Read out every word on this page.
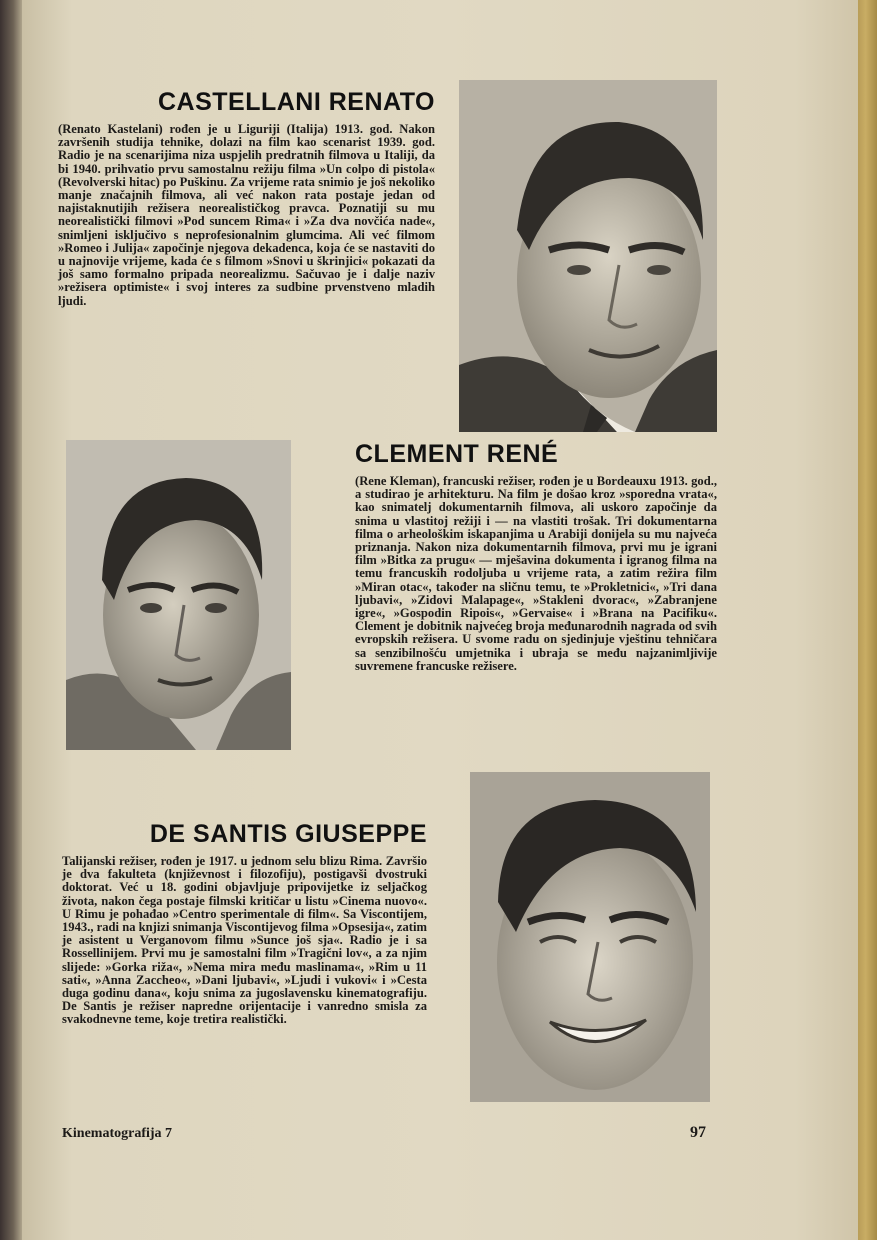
CASTELLANI RENATO

(Renato Kastelani) rođen je u Liguriji (Italija) 1913. god. Nakon završenih studija tehnike, dolazi na film kao scenarist 1939. god. Radio je na scenarijima niza uspjelih predratnih filmova u Italiji, da bi 1940. prihvatio prvu samostalnu režiju filma »Un colpo di pistola« (Revolverski hitac) po Puškinu. Za vrijeme rata snimio je još nekoliko manje značajnih filmova, ali već nakon rata postaje jedan od najistaknutijih režisera neorealističkog pravca. Poznatiji su mu neorealistički filmovi »Pod suncem Rima« i »Za dva novčića nade«, snimljeni isključivo s neprofesionalnim glumcima. Ali već filmom »Romeo i Julija« započinje njegova dekadenca, koja će se nastaviti do u najnovije vrijeme, kada će s filmom »Snovi u škrinjici« pokazati da još samo formalno pripada neorealizmu. Sačuvao je i dalje naziv »režisera optimiste« i svoj interes za sudbine prvenstveno mladih ljudi.

CLEMENT RENÉ

(Rene Kleman), francuski režiser, rođen je u Bordeauxu 1913. god., a studirao je arhitekturu. Na film je došao kroz »sporedna vrata«, kao snimatelj dokumentarnih filmova, ali uskoro započinje da snima u vlastitoj režiji i — na vlastiti trošak. Tri dokumentarna filma o arheološkim iskapanjima u Arabiji donijela su mu najveća priznanja. Nakon niza dokumentarnih filmova, prvi mu je igrani film »Bitka za prugu« — mješavina dokumenta i igranog filma na temu francuskih rodoljuba u vrijeme rata, a zatim režira film »Miran otac«, također na sličnu temu, te »Prokletnici«, »Tri dana ljubavi«, »Zidovi Malapage«, »Stakleni dvorac«, »Zabranjene igre«, »Gospodin Ripois«, »Gervaise« i »Brana na Pacifiku«. Clement je dobitnik najvećeg broja međunarodnih nagrada od svih evropskih režisera. U svome radu on sjedinjuje vještinu tehničara sa senzibilnošću umjetnika i ubraja se među najzanimljivije suvremene francuske režisere.

DE SANTIS GIUSEPPE

Talijanski režiser, rođen je 1917. u jednom selu blizu Rima. Završio je dva fakulteta (književnost i filozofiju), postigavši dvostruki doktorat. Već u 18. godini objavljuje pripovijetke iz seljačkog života, nakon čega postaje filmski kritičar u listu »Cinema nuovo«. U Rimu je pohađao »Centro sperimentale di film«. Sa Viscontijem, 1943., radi na knjizi snimanja Viscontijevog filma »Opsesija«, zatim je asistent u Verganovom filmu »Sunce još sja«. Radio je i sa Rossellinijem. Prvi mu je samostalni film »Tragični lov«, a za njim slijede: »Gorka riža«, »Nema mira među maslinama«, »Rim u 11 sati«, »Anna Zaccheo«, »Dani ljubavi«, »Ljudi i vukovi« i »Cesta duga godinu dana«, koju snima za jugoslavensku kinematografiju. De Santis je režiser napredne orijentacije i vanredno smisla za svakodnevne teme, koje tretira realistički.

Kinematografija 7	97
